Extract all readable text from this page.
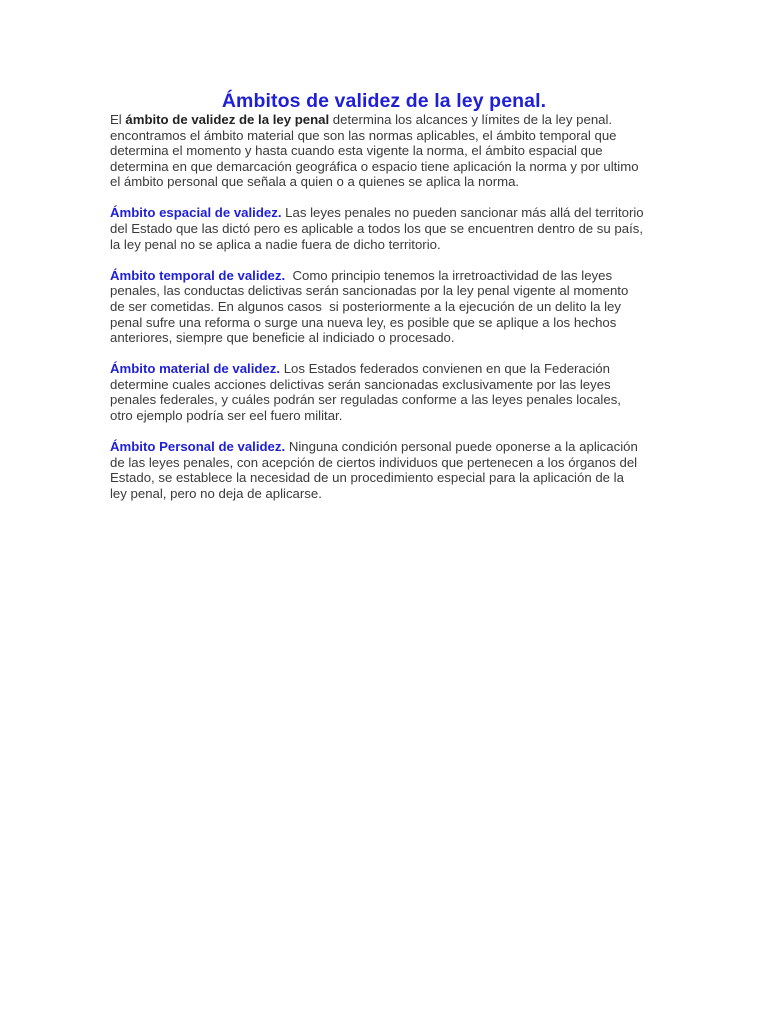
Ámbitos de validez de la ley penal.

El ámbito de validez de la ley penal determina los alcances y límites de la ley penal.
encontramos el ámbito material que son las normas aplicables, el ámbito temporal que
determina el momento y hasta cuando esta vigente la norma, el ámbito espacial que
determina en que demarcación geográfica o espacio tiene aplicación la norma y por ultimo
el ámbito personal que señala a quien o a quienes se aplica la norma.

Ámbito espacial de validez. Las leyes penales no pueden sancionar más allá del territorio
del Estado que las dictó pero es aplicable a todos los que se encuentren dentro de su país,
la ley penal no se aplica a nadie fuera de dicho territorio.

Ámbito temporal de validez.  Como principio tenemos la irretroactividad de las leyes
penales, las conductas delictivas serán sancionadas por la ley penal vigente al momento
de ser cometidas. En algunos casos  si posteriormente a la ejecución de un delito la ley
penal sufre una reforma o surge una nueva ley, es posible que se aplique a los hechos
anteriores, siempre que beneficie al indiciado o procesado.

Ámbito material de validez. Los Estados federados convienen en que la Federación
determine cuales acciones delictivas serán sancionadas exclusivamente por las leyes
penales federales, y cuáles podrán ser reguladas conforme a las leyes penales locales,
otro ejemplo podría ser eel fuero militar.

Ámbito Personal de validez. Ninguna condición personal puede oponerse a la aplicación
de las leyes penales, con acepción de ciertos individuos que pertenecen a los órganos del
Estado, se establece la necesidad de un procedimiento especial para la aplicación de la
ley penal, pero no deja de aplicarse.
